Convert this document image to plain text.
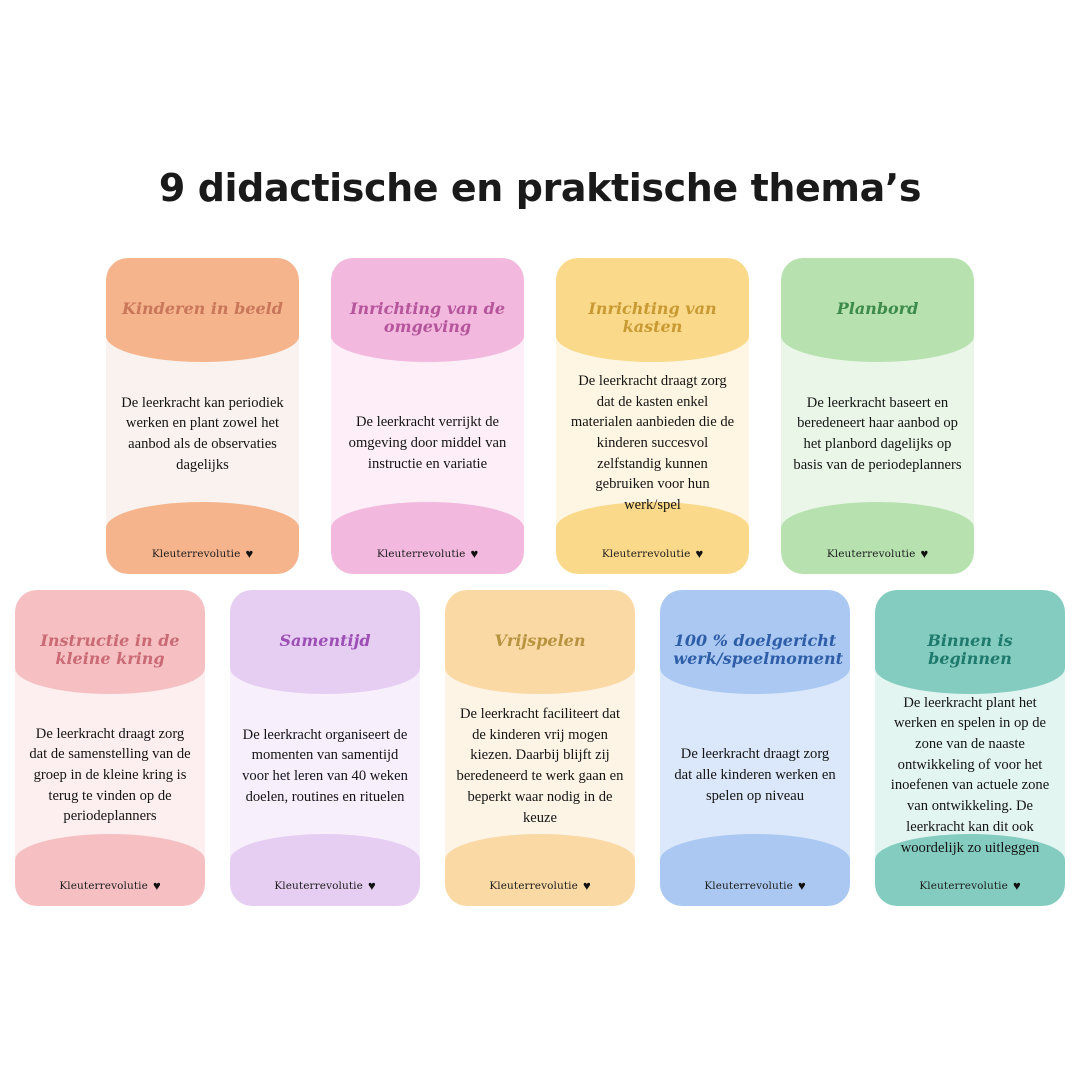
9 didactische en praktische thema’s
Kinderen in beeld
De leerkracht kan periodiek werken en plant zowel het aanbod als de observaties dagelijks
Kleuterrevolutie ♥
Inrichting van de omgeving
De leerkracht verrijkt de omgeving door middel van instructie en variatie
Kleuterrevolutie ♥
Inrichting van kasten
De leerkracht draagt zorg dat de kasten enkel materialen aanbieden die de kinderen succesvol zelfstandig kunnen gebruiken voor hun werk/spel
Kleuterrevolutie ♥
Planbord
De leerkracht baseert en beredeneert haar aanbod op het planbord dagelijks op basis van de periodeplanners
Kleuterrevolutie ♥
Instructie in de kleine kring
De leerkracht draagt zorg dat de samenstelling van de groep in de kleine kring is terug te vinden op de periodeplanners
Kleuterrevolutie ♥
Samentijd
De leerkracht organiseert de momenten van samentijd voor het leren van 40 weken doelen, routines en rituelen
Kleuterrevolutie ♥
Vrijspelen
De leerkracht faciliteert dat de kinderen vrij mogen kiezen. Daarbij blijft zij beredeneerd te werk gaan en beperkt waar nodig in de keuze
Kleuterrevolutie ♥
100 % doelgericht werk/speelmoment
De leerkracht draagt zorg dat alle kinderen werken en spelen op niveau
Kleuterrevolutie ♥
Binnen is beginnen
De leerkracht plant het werken en spelen in op de zone van de naaste ontwikkeling of voor het inoefenen van actuele zone van ontwikkeling. De leerkracht kan dit ook woordelijk zo uitleggen
Kleuterrevolutie ♥
